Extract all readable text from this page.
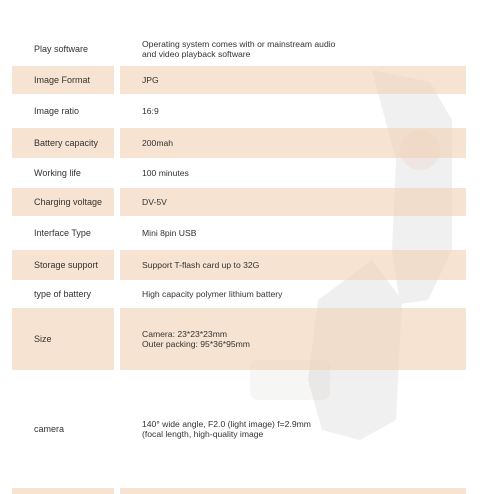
Play software	Operating system comes with or mainstream audio
and video playback software
Image Format	JPG
Image ratio	16:9
Battery capacity	200mah
Working life	100 minutes
Charging voltage	DV-5V
Interface Type	Mini 8pin USB
Storage support	Support T-flash card up to 32G
type of battery	High capacity polymer lithium battery
Size	Camera: 23*23*23mm
Outer packing: 95*36*95mm
camera	140° wide angle, F2.0 (light image) f=2.9mm
(focal length, high-quality image
